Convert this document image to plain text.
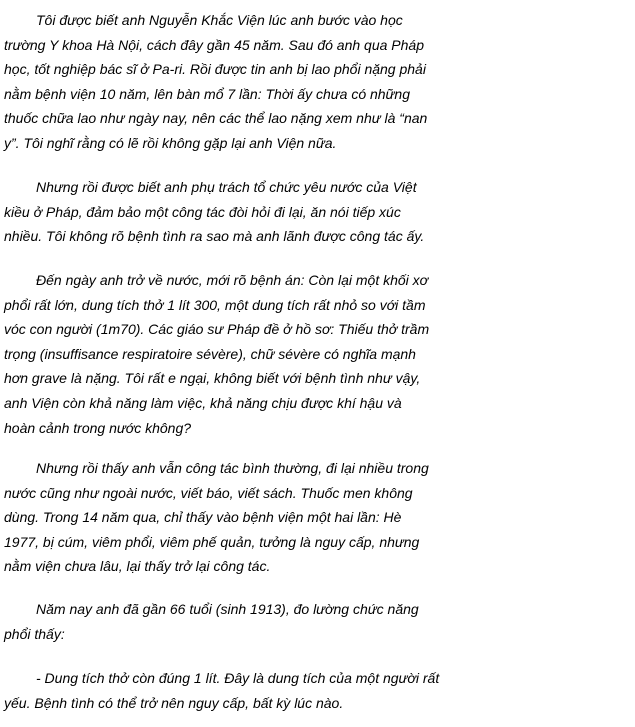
Tôi được biết anh Nguyễn Khắc Viện lúc anh bước vào học
trường Y khoa Hà Nội, cách đây gần 45 năm. Sau đó anh qua Pháp
học, tốt nghiệp bác sĩ ở Pa-ri. Rồi được tin anh bị lao phổi nặng phải
nằm bệnh viện 10 năm, lên bàn mổ 7 lần: Thời ấy chưa có những
thuốc chữa lao như ngày nay, nên các thể lao nặng xem như là “nan
y”. Tôi nghĩ rằng có lẽ rồi không gặp lại anh Viện nữa.

Nhưng rồi được biết anh phụ trách tổ chức yêu nước của Việt
kiều ở Pháp, đảm bảo một công tác đòi hỏi đi lại, ăn nói tiếp xúc
nhiều. Tôi không rõ bệnh tình ra sao mà anh lãnh được công tác ấy.

Đến ngày anh trở về nước, mới rõ bệnh án: Còn lại một khối xơ
phổi rất lớn, dung tích thở 1 lít 300, một dung tích rất nhỏ so với tầm
vóc con người (1m70). Các giáo sư Pháp đề ở hồ sơ: Thiếu thở trầm
trọng (insuffisance respiratoire sévère), chữ sévère có nghĩa mạnh
hơn grave là nặng. Tôi rất e ngại, không biết với bệnh tình như vậy,
anh Viện còn khả năng làm việc, khả năng chịu được khí hậu và
hoàn cảnh trong nước không?

Nhưng rồi thấy anh vẫn công tác bình thường, đi lại nhiều trong
nước cũng như ngoài nước, viết báo, viết sách. Thuốc men không
dùng. Trong 14 năm qua, chỉ thấy vào bệnh viện một hai lần: Hè
1977, bị cúm, viêm phổi, viêm phế quản, tưởng là nguy cấp, nhưng
nằm viện chưa lâu, lại thấy trở lại công tác.

Năm nay anh đã gần 66 tuổi (sinh 1913), đo lường chức năng
phổi thấy:

- Dung tích thở còn đúng 1 lít. Đây là dung tích của một người rất
yếu. Bệnh tình có thể trở nên nguy cấp, bất kỳ lúc nào.
